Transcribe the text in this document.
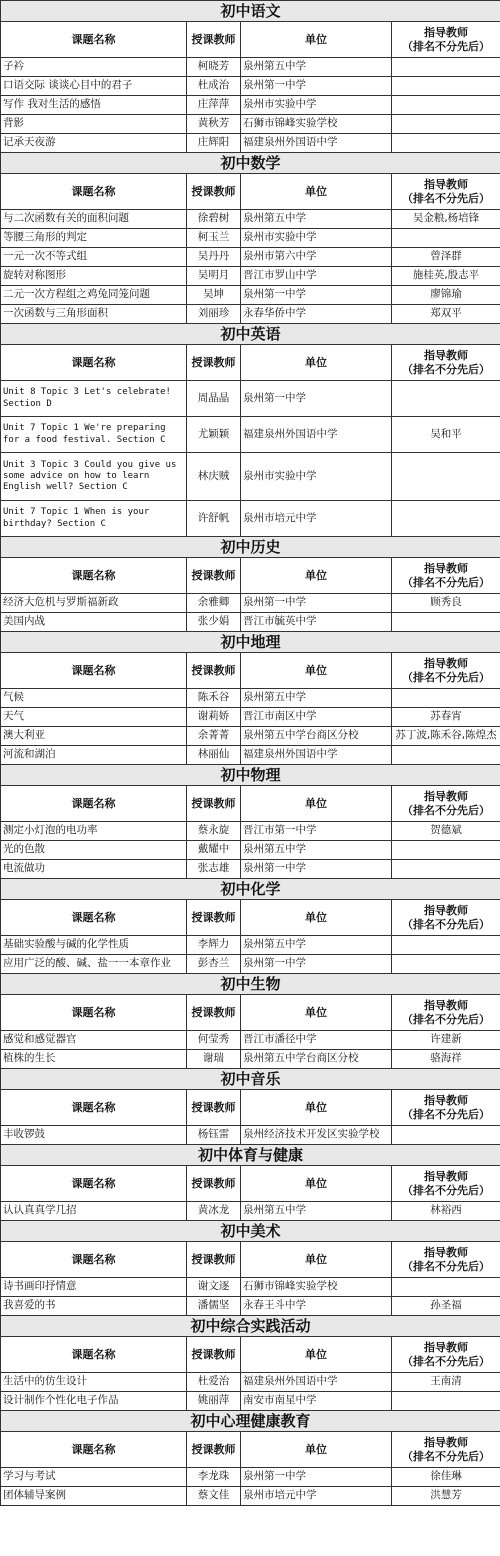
初中语文			
课题名称	授课教师	单位	指导教师
（排名不分先后）

子衿	柯晓芳	泉州第五中学	
口语交际 谈谈心目中的君子	杜成治	泉州第一中学	
写作 我对生活的感悟	庄萍萍	泉州市实验中学	
背影	黄秋芳	石狮市锦峰实验学校	
记承天夜游	庄辉阳	福建泉州外国语中学	
初中数学			
课题名称	授课教师	单位	指导教师
（排名不分先后）

与二次函数有关的面积问题	徐碧树	泉州第五中学	吴金粮,杨培锋
等腰三角形的判定	柯玉兰	泉州市实验中学	
一元一次不等式组	吴丹丹	泉州市第六中学	曾泽群
旋转对称图形	吴明月	晋江市罗山中学	施桂英,殷志平
二元一次方程组之鸡兔同笼问题	吴坤	泉州第一中学	廖锦瑜
一次函数与三角形面积	刘丽珍	永春华侨中学	郑双平
初中英语			
课题名称	授课教师	单位	指导教师
（排名不分先后）

Unit 8 Topic 3 Let's celebrate! Section D	周晶晶	泉州第一中学	
Unit 7 Topic 1 We're preparing for a food festival. Section C	尤颖颖	福建泉州外国语中学	吴和平
Unit 3 Topic 3 Could you give us some advice on how to learn English well? Section C	林庆贼	泉州市实验中学	
Unit 7 Topic 1 When is your birthday? Section C	许舒帆	泉州市培元中学	
初中历史			
课题名称	授课教师	单位	指导教师
（排名不分先后）

经济大危机与罗斯福新政	余雅卿	泉州第一中学	顾秀良
美国内战	张少娟	晋江市毓英中学	
初中地理			
课题名称	授课教师	单位	指导教师
（排名不分先后）

气候	陈禾谷	泉州第五中学	
天气	谢莉娇	晋江市南区中学	苏春宵
澳大利亚	余菁菁	泉州第五中学台商区分校	苏丁波,陈禾谷,陈煌杰
河流和湖泊	林丽仙	福建泉州外国语中学	
初中物理			
课题名称	授课教师	单位	指导教师
（排名不分先后）

测定小灯泡的电功率	蔡永旋	晋江市第一中学	贺德斌
光的色散	戴耀中	泉州第五中学	
电流做功	张志雄	泉州第一中学	
初中化学			
课题名称	授课教师	单位	指导教师
（排名不分先后）

基础实验酸与碱的化学性质	李辉力	泉州第五中学	
应用广泛的酸、碱、盐一一本章作业	彭杏兰	泉州第一中学	
初中生物			
课题名称	授课教师	单位	指导教师
（排名不分先后）

感觉和感觉器官	何莹秀	晋江市潘径中学	许建新
植株的生长	谢瑞	泉州第五中学台商区分校	骆海祥
初中音乐			
课题名称	授课教师	单位	指导教师
（排名不分先后）

丰收锣鼓	杨钰雷	泉州经济技术开发区实验学校	
初中体育与健康			
课题名称	授课教师	单位	指导教师
（排名不分先后）

认认真真学几招	黄冰龙	泉州第五中学	林裕西
初中美术			
课题名称	授课教师	单位	指导教师
（排名不分先后）

诗书画印抒情意	谢文逐	石狮市锦峰实验学校	
我喜爱的书	潘儒坚	永春王斗中学	孙圣福
初中综合实践活动			
课题名称	授课教师	单位	指导教师
（排名不分先后）

生活中的仿生设计	杜爱治	福建泉州外国语中学	王南清
设计制作个性化电子作品	姚丽萍	南安市南星中学	
初中心理健康教育			
课题名称	授课教师	单位	指导教师
（排名不分先后）

学习与考试	李龙珠	泉州第一中学	徐佳琳
团体辅导案例	蔡文佳	泉州市培元中学	洪慧芳
